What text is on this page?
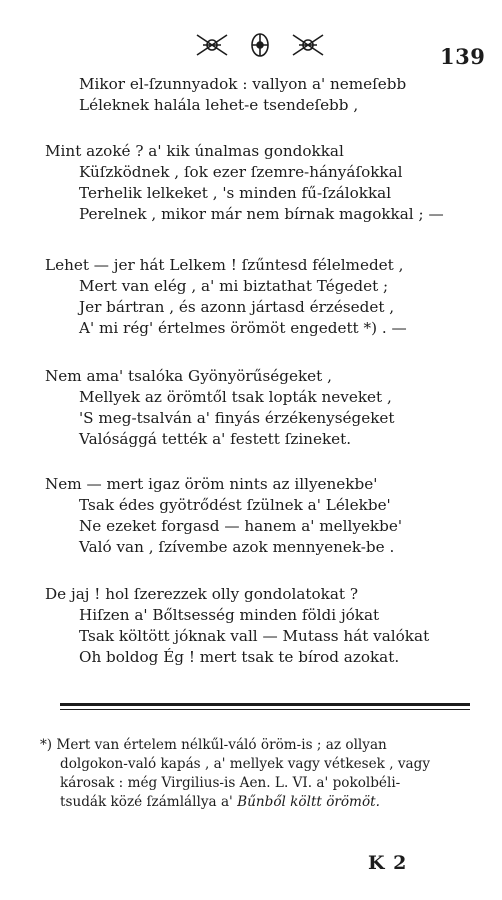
139
Mikor el-ſzunnyadok : vallyon a' nemeſebb
Léleknek halála lehet-e tsendeſebb ,
Mint azoké ? a' kik únalmas gondokkal
Küſzködnek , ſok ezer ſzemre-hányáſokkal
Terhelik lelkeket , 's minden fű-ſzálokkal
Perelnek , mikor már nem bírnak magokkal ; —
Lehet — jer hát Lelkem ! ſzűntesd félelmedet ,
Mert van elég , a' mi biztathat Tégedet ;
Jer bártran , és azonn jártasd érzésedet ,
A' mi rég' értelmes örömöt engedett *) . —
Nem ama' tsalóka Gyönyörűségeket ,
Mellyek az örömtől tsak lopták neveket ,
'S meg-tsalván a' finyás érzékenységeket
Valósággá tették a' festett ſzineket.
Nem — mert igaz öröm nints az illyenekbe'
Tsak édes gyötrődést ſzülnek a' Lélekbe'
Ne ezeket forgasd — hanem a' mellyekbe'
Való van , ſzívembe azok mennyenek-be .
De jaj ! hol ſzerezzek olly gondolatokat ?
Hiſzen a' Bőltsesség minden földi jókat
Tsak költött jóknak vall — Mutass hát valókat
Oh boldog Ég ! mert tsak te bírod azokat.
*) Mert van értelem nélkűl-váló öröm-is ; az ollyan
dolgokon-való kapás , a' mellyek vagy vétkesek , vagy
károsak : még Virgilius-is Aen. L. VI. a' pokolbéli-
tsudák közé ſzámlállya a' Bűnből költt örömöt.
K 2
